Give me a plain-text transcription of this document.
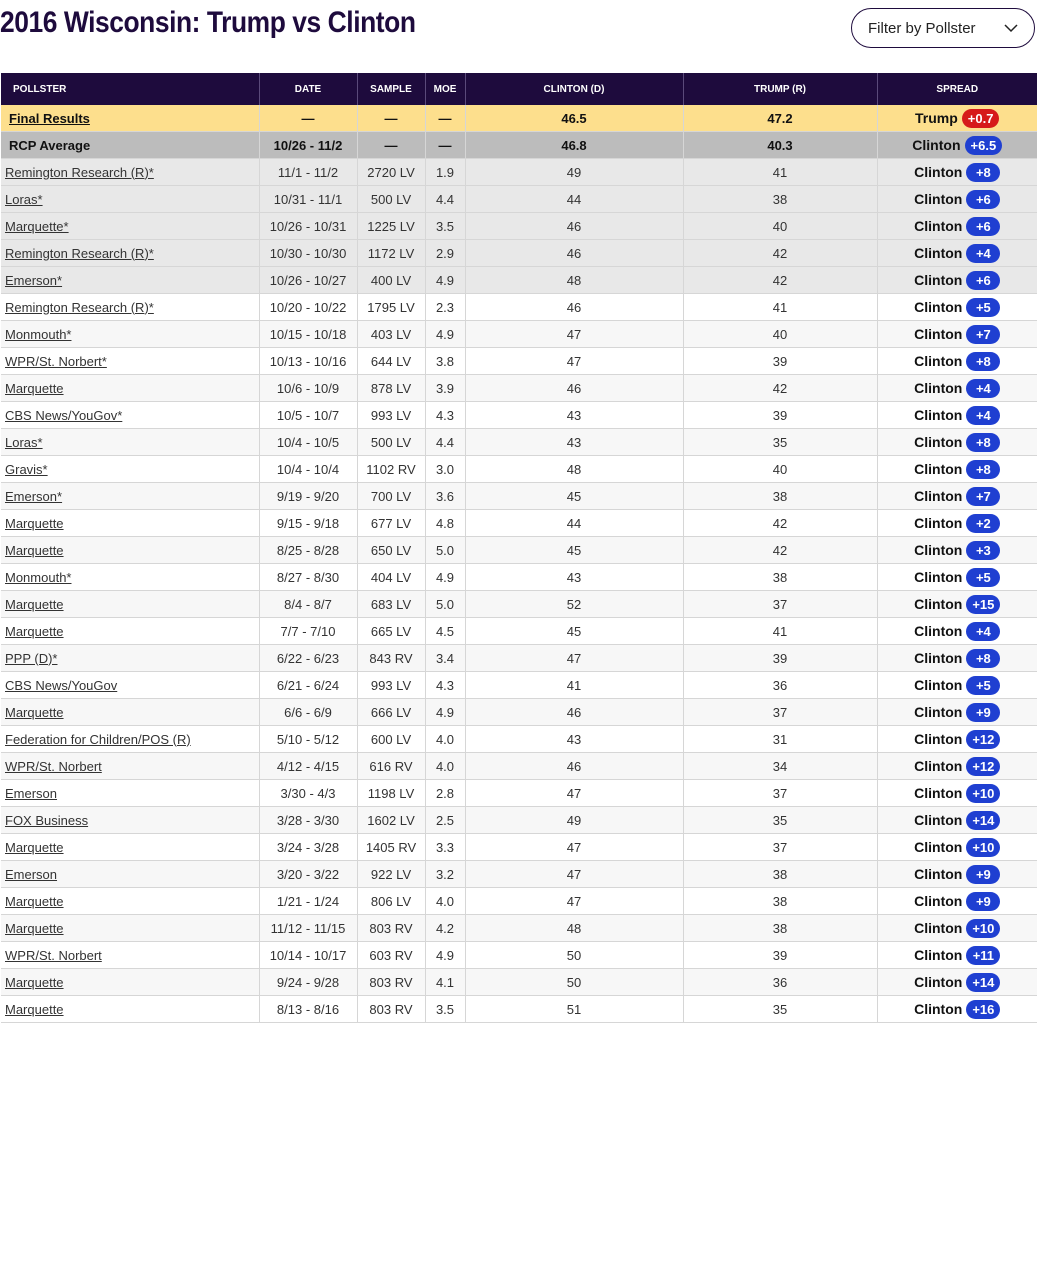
2016 Wisconsin: Trump vs Clinton	Filter by Pollster
POLLSTER	DATE	SAMPLE	MOE	CLINTON (D)	TRUMP (R)	SPREAD
Final Results	—	—	—	46.5	47.2	Trump +0.7

RCP Average	10/26 - 11/2	—	—	46.8	40.3	Clinton +6.5

Remington Research (R)*	11/1 - 11/2	2720 LV	1.9	49	41	Clinton +8

Loras*	10/31 - 11/1	500 LV	4.4	44	38	Clinton +6

Marquette*	10/26 - 10/31	1225 LV	3.5	46	40	Clinton +6

Remington Research (R)*	10/30 - 10/30	1172 LV	2.9	46	42	Clinton +4

Emerson*	10/26 - 10/27	400 LV	4.9	48	42	Clinton +6

Remington Research (R)*	10/20 - 10/22	1795 LV	2.3	46	41	Clinton +5

Monmouth*	10/15 - 10/18	403 LV	4.9	47	40	Clinton +7

WPR/St. Norbert*	10/13 - 10/16	644 LV	3.8	47	39	Clinton +8

Marquette	10/6 - 10/9	878 LV	3.9	46	42	Clinton +4

CBS News/YouGov*	10/5 - 10/7	993 LV	4.3	43	39	Clinton +4

Loras*	10/4 - 10/5	500 LV	4.4	43	35	Clinton +8

Gravis*	10/4 - 10/4	1102 RV	3.0	48	40	Clinton +8

Emerson*	9/19 - 9/20	700 LV	3.6	45	38	Clinton +7

Marquette	9/15 - 9/18	677 LV	4.8	44	42	Clinton +2

Marquette	8/25 - 8/28	650 LV	5.0	45	42	Clinton +3

Monmouth*	8/27 - 8/30	404 LV	4.9	43	38	Clinton +5

Marquette	8/4 - 8/7	683 LV	5.0	52	37	Clinton +15

Marquette	7/7 - 7/10	665 LV	4.5	45	41	Clinton +4

PPP (D)*	6/22 - 6/23	843 RV	3.4	47	39	Clinton +8

CBS News/YouGov	6/21 - 6/24	993 LV	4.3	41	36	Clinton +5

Marquette	6/6 - 6/9	666 LV	4.9	46	37	Clinton +9

Federation for Children/POS (R)	5/10 - 5/12	600 LV	4.0	43	31	Clinton +12

WPR/St. Norbert	4/12 - 4/15	616 RV	4.0	46	34	Clinton +12

Emerson	3/30 - 4/3	1198 LV	2.8	47	37	Clinton +10

FOX Business	3/28 - 3/30	1602 LV	2.5	49	35	Clinton +14

Marquette	3/24 - 3/28	1405 RV	3.3	47	37	Clinton +10

Emerson	3/20 - 3/22	922 LV	3.2	47	38	Clinton +9

Marquette	1/21 - 1/24	806 LV	4.0	47	38	Clinton +9

Marquette	11/12 - 11/15	803 RV	4.2	48	38	Clinton +10

WPR/St. Norbert	10/14 - 10/17	603 RV	4.9	50	39	Clinton +11

Marquette	9/24 - 9/28	803 RV	4.1	50	36	Clinton +14

Marquette	8/13 - 8/16	803 RV	3.5	51	35	Clinton +16
